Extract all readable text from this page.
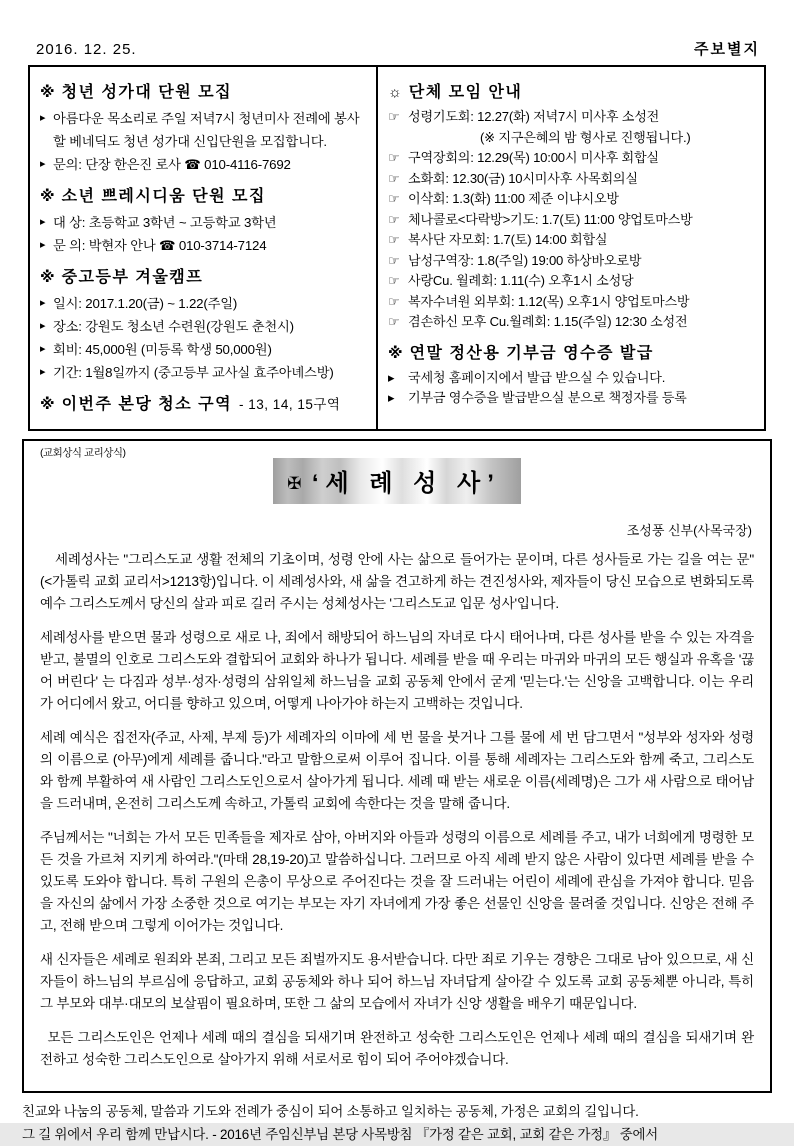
2016. 12. 25.	주보별지
※ 청년 성가대 단원 모집
▸ 아름다운 목소리로 주일 저녁7시 청년미사 전례에 봉사할 베네딕도 청년 성가대 신입단원을 모집합니다.
▸ 문의: 단장 한은진 로사 ☎ 010-4116-7692
※ 소년 쁘레시디움 단원 모집
▸ 대 상: 초등학교 3학년 ~ 고등학교 3학년
▸ 문 의: 박현자 안나 ☎ 010-3714-7124
※ 중고등부 겨울캠프
▸ 일시: 2017.1.20(금) ~ 1.22(주일)
▸ 장소: 강원도 청소년 수련원(강원도 춘천시)
▸ 회비: 45,000원 (미등록 학생 50,000원)
▸ 기간: 1월8일까지 (중고등부 교사실 효주아녜스방)
※ 이번주 본당 청소 구역 - 13, 14, 15구역
☼ 단체 모임 안내
☞ 성령기도회: 12.27(화) 저녁7시 미사후 소성전
(※ 지구은혜의 밤 형사로 진행됩니다.)
☞ 구역장회의: 12.29(목) 10:00시 미사후 회합실
☞ 소화회: 12.30(금) 10시미사후 사목회의실
☞ 이삭회: 1.3(화) 11:00 제준 이냐시오방
☞ 체나콜로<다락방>기도: 1.7(토) 11:00 양업토마스방
☞ 복사단 자모회: 1.7(토) 14:00 회합실
☞ 남성구역장: 1.8(주일) 19:00 하상바오로방
☞ 사랑Cu. 월례회: 1.11(수) 오후1시 소성당
☞ 복자수녀원 외부회: 1.12(목) 오후1시 양업토마스방
☞ 겸손하신 모후 Cu.월례회: 1.15(주일) 12:30 소성전
※ 연말 정산용 기부금 영수증 발급
▸	국세청 홈페이지에서 발급 받으실 수 있습니다.
▸	기부금 영수증을 발급받으실 분으로 책정자를 등록
(교회상식 교리상식)
✠ ‘세 례 성 사’
조성풍 신부(사목국장)

세례성사는 "그리스도교 생활 전체의 기초이며, 성령 안에 사는 삶으로 들어가는 문이며, 다른 성사들로 가는 길을 여는 문" (<가톨릭 교회 교리서>1213항)입니다. 이 세례성사와, 새 삶을 견고하게 하는 견진성사와, 제자들이 당신 모습으로 변화되도록 예수 그리스도께서 당신의 살과 피로 길러 주시는 성체성사는 '그리스도교 입문 성사'입니다.

세례성사를 받으면 물과 성령으로 새로 나, 죄에서 해방되어 하느님의 자녀로 다시 태어나며, 다른 성사를 받을 수 있는 자격을 받고, 불멸의 인호로 그리스도와 결합되어 교회와 하나가 됩니다. 세례를 받을 때 우리는 마귀와 마귀의 모든 행실과 유혹을 '끊어 버린다' 는 다짐과 성부·성자·성령의 삼위일체 하느님을 교회 공동체 안에서 굳게 '믿는다.'는 신앙을 고백합니다. 이는 우리가 어디에서 왔고, 어디를 향하고 있으며, 어떻게 나아가야 하는지 고백하는 것입니다.

세례 예식은 집전자(주교, 사제, 부제 등)가 세례자의 이마에 세 번 물을 붓거나 그를 물에 세 번 담그면서 "성부와 성자와 성령의 이름으로 (아무)에게 세례를 줍니다."라고 말함으로써 이루어 집니다. 이를 통해 세례자는 그리스도와 함께 죽고, 그리스도와 함께 부활하여 새 사람인 그리스도인으로서 살아가게 됩니다. 세례 때 받는 새로운 이름(세례명)은 그가 새 사람으로 태어남을 드러내며, 온전히 그리스도께 속하고, 가톨릭 교회에 속한다는 것을 말해 줍니다.

주님께서는 "너희는 가서 모든 민족들을 제자로 삼아, 아버지와 아들과 성령의 이름으로 세례를 주고, 내가 너희에게 명령한 모든 것을 가르쳐 지키게 하여라."(마태 28,19-20)고 말씀하십니다. 그러므로 아직 세례 받지 않은 사람이 있다면 세례를 받을 수 있도록 도와야 합니다. 특히 구원의 은총이 무상으로 주어진다는 것을 잘 드러내는 어린이 세례에 관심을 가져야 합니다. 믿음을 자신의 삶에서 가장 소중한 것으로 여기는 부모는 자기 자녀에게 가장 좋은 선물인 신앙을 물려줄 것입니다. 신앙은 전해 주고, 전해 받으며 그렇게 이어가는 것입니다.

새 신자들은 세례로 원죄와 본죄, 그리고 모든 죄벌까지도 용서받습니다. 다만 죄로 기우는 경향은 그대로 남아 있으므로, 새 신자들이 하느님의 부르심에 응답하고, 교회 공동체와 하나 되어 하느님 자녀답게 살아갈 수 있도록 교회 공동체뿐 아니라, 특히 그 부모와 대부·대모의 보살핌이 필요하며, 또한 그 삶의 모습에서 자녀가 신앙 생활을 배우기 때문입니다.

모든 그리스도인은 언제나 세례 때의 결심을 되새기며 완전하고 성숙한 그리스도인은 언제나 세례 때의 결심을 되새기며 완전하고 성숙한 그리스도인으로 살아가지 위해 서로서로 힘이 되어 주어야겠습니다.

친교와 나눔의 공동체, 말씀과 기도와 전례가 중심이 되어 소통하고 일치하는 공동체, 가정은 교회의 길입니다.
그 길 위에서 우리 함께 만납시다. - 2016년 주임신부님 본당 사목방침 『가정 같은 교회, 교회 같은 가정』 중에서
